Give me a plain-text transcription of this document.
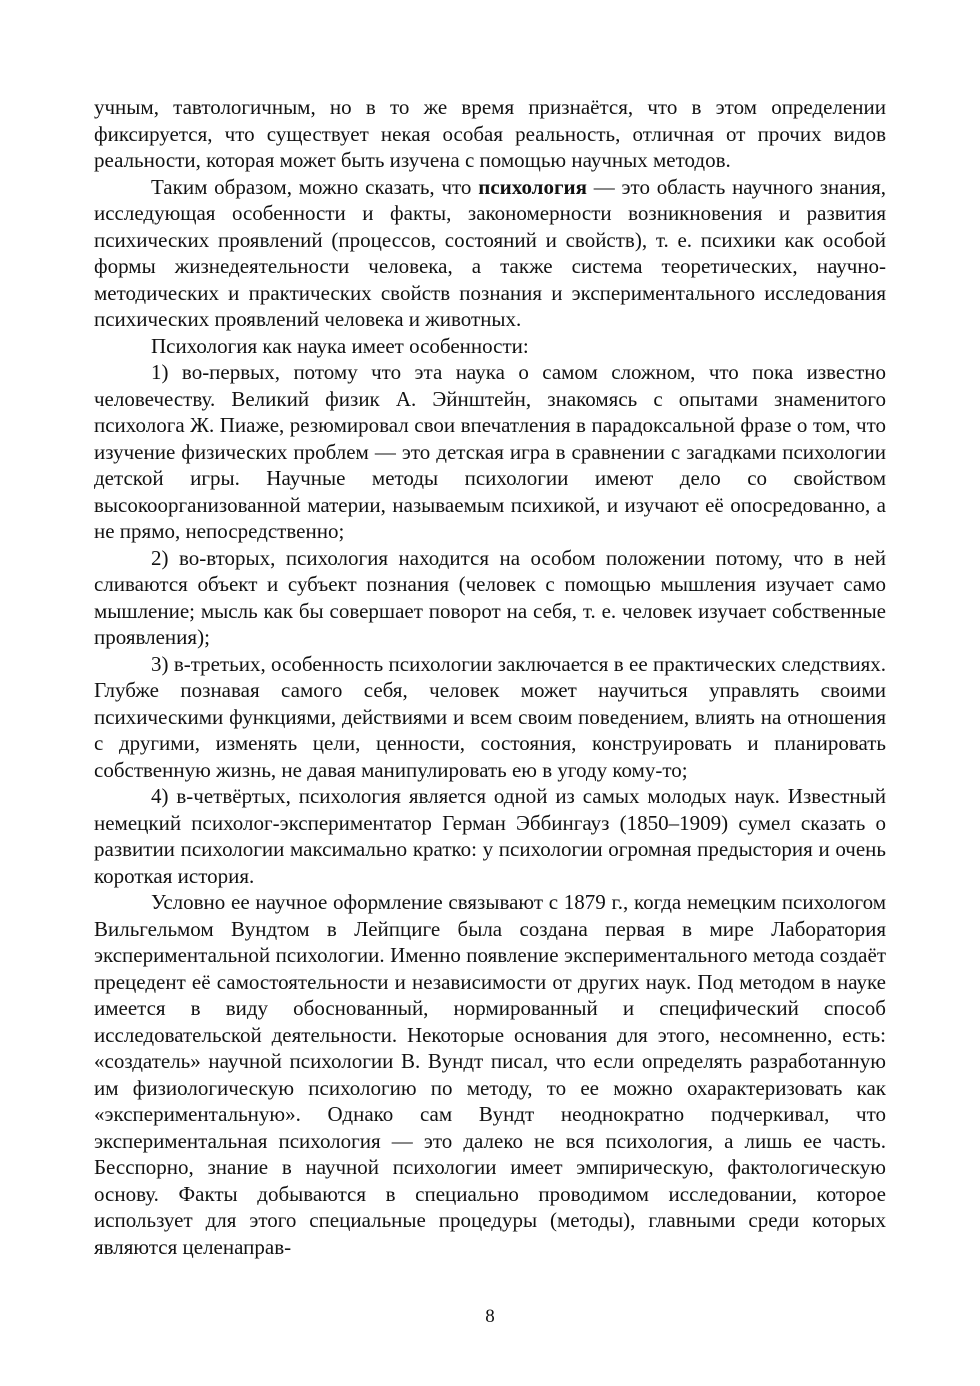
учным, тавтологичным, но в то же время признаётся, что в этом определении фиксируется, что существует некая особая реальность, отличная от прочих видов реальности, которая может быть изучена с помощью научных методов.

Таким образом, можно сказать, что психология — это область научного знания, исследующая особенности и факты, закономерности возникновения и развития психических проявлений (процессов, состояний и свойств), т. е. психики как особой формы жизнедеятельности человека, а также система теоретических, научно-методических и практических свойств познания и экспериментального исследования психических проявлений человека и животных.

Психология как наука имеет особенности:

1) во-первых, потому что эта наука о самом сложном, что пока известно человечеству. Великий физик А. Эйнштейн, знакомясь с опытами знаменитого психолога Ж. Пиаже, резюмировал свои впечатления в парадоксальной фразе о том, что изучение физических проблем — это детская игра в сравнении с загадками психологии детской игры. Научные методы психологии имеют дело со свойством высокоорганизованной материи, называемым психикой, и изучают её опосредованно, а не прямо, непосредственно;

2) во-вторых, психология находится на особом положении потому, что в ней сливаются объект и субъект познания (человек с помощью мышления изучает само мышление; мысль как бы совершает поворот на себя, т. е. человек изучает собственные проявления);

3) в-третьих, особенность психологии заключается в ее практических следствиях. Глубже познавая самого себя, человек может научиться управлять своими психическими функциями, действиями и всем своим поведением, влиять на отношения с другими, изменять цели, ценности, состояния, конструировать и планировать собственную жизнь, не давая манипулировать ею в угоду кому-то;

4) в-четвёртых, психология является одной из самых молодых наук. Известный немецкий психолог-экспериментатор Герман Эббингауз (1850–1909) сумел сказать о развитии психологии максимально кратко: у психологии огромная предыстория и очень короткая история.

Условно ее научное оформление связывают с 1879 г., когда немецким психологом Вильгельмом Вундтом в Лейпциге была создана первая в мире Лаборатория экспериментальной психологии. Именно появление экспериментального метода создаёт прецедент её самостоятельности и независимости от других наук. Под методом в науке имеется в виду обоснованный, нормированный и специфический способ исследовательской деятельности. Некоторые основания для этого, несомненно, есть: «создатель» научной психологии В. Вундт писал, что если определять разработанную им физиологическую психологию по методу, то ее можно охарактеризовать как «экспериментальную». Однако сам Вундт неоднократно подчеркивал, что экспериментальная психология — это далеко не вся психология, а лишь ее часть. Бесспорно, знание в научной психологии имеет эмпирическую, фактологическую основу. Факты добываются в специально проводимом исследовании, которое использует для этого специальные процедуры (методы), главными среди которых являются целенаправ-

8
